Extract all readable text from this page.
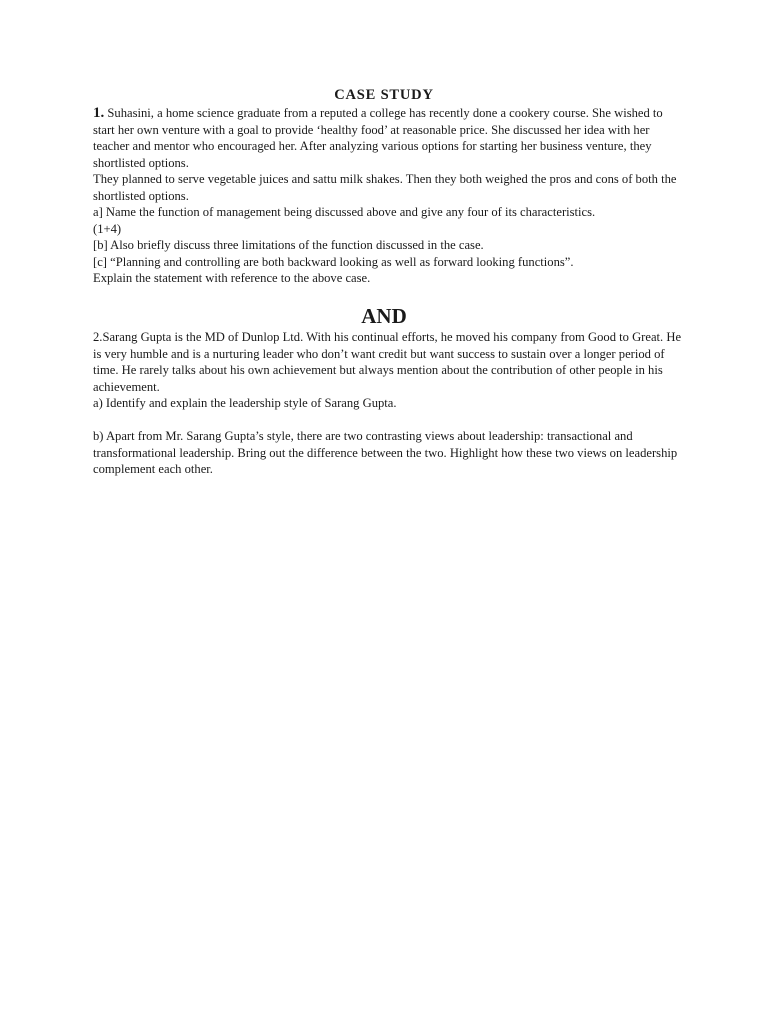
CASE STUDY

1. Suhasini, a home science graduate from a reputed a college has recently done a cookery course. She wished to start her own venture with a goal to provide ‘healthy food’ at reasonable price. She discussed her idea with her teacher and mentor who encouraged her. After analyzing various options for starting her business venture, they shortlisted options.

They planned to serve vegetable juices and sattu milk shakes. Then they both weighed the pros and cons of both the shortlisted options.

a] Name the function of management being discussed above and give any four of its characteristics.

(1+4)

[b] Also briefly discuss three limitations of the function discussed in the case.

[c] “Planning and controlling are both backward looking as well as forward looking functions”.

Explain the statement with reference to the above case.

AND

2.Sarang Gupta is the MD of Dunlop Ltd. With his continual efforts, he moved his company from Good to Great. He is very humble and is a nurturing leader who don’t want credit but want success to sustain over a longer period of time. He rarely talks about his own achievement but always mention about the contribution of other people in his achievement.

a) Identify and explain the leadership style of Sarang Gupta.

b) Apart from Mr. Sarang Gupta’s style, there are two contrasting views about leadership: transactional and transformational leadership. Bring out the difference between the two. Highlight how these two views on leadership complement each other.
